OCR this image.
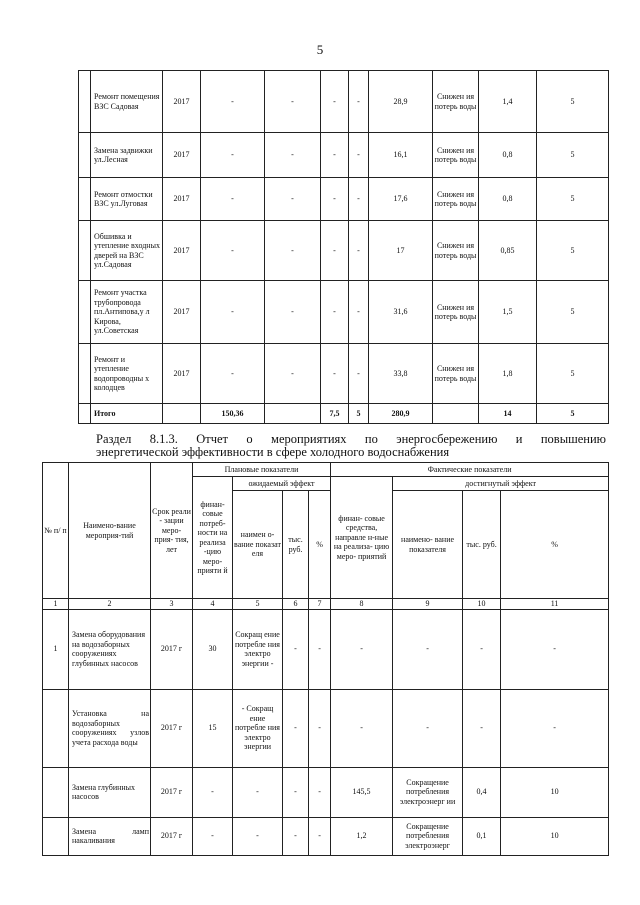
5
	Ремонт помещения ВЗС Садовая	2017	-	-	-	-	28,9	Снижен ия потерь воды	1,4	5
	Замена задвижки ул.Лесная	2017	-	-	-	-	16,1	Снижен ия потерь воды	0,8	5
	Ремонт отмостки ВЗС ул.Луговая	2017	-	-	-	-	17,6	Снижен ия потерь воды	0,8	5
	Обшивка и утепление входных дверей на ВЗС ул.Садовая	2017	-	-	-	-	17	Снижен ия потерь воды	0,85	5
	Ремонт участка трубопровода пл.Антипова,у л Кирова, ул.Советская	2017	-	-	-	-	31,6	Снижен ия потерь воды	1,5	5
	Ремонт и утепление водопроводны х колодцев	2017	-	-	-	-	33,8	Снижен ия потерь воды	1,8	5
	Итого		150,36		7,5	5	280,9		14	5
Раздел 8.1.3. Отчет о мероприятиях по энергосбережению и повышению
энергетической эффективности в сфере холодного водоснабжения
№ п/ п	Наимено-вание мероприя-тий	Срок реали - зации меро- прия- тия, лет	Плановые показатели				Фактические показатели			
			финан- совые потреб- ности на реализа -цию меро- прияти й	ожидаемый эффект			финан- совые средства, направле н-ные на реализа- цию меро- приятий	достигнутый эффект		
				наимен о-вание показат еля	тыс. руб.	%		наимено- вание показателя	тыс. руб.	%

1	2	3	4	5	6	7	8	9	10	11
1	Замена оборудования на водозаборных сооружениях глубинных насосов	2017 г	30	Сокращ ение потребле ния электро энергии -	-	-	-	-	-	-
	Установка на водозаборных сооружениях узлов учета расхода воды	2017 г	15	- Сокращ ение потребле ния электро энергии	-	-	-	-	-	-
	Замена глубинных насосов	2017 г	-	-	-	-	145,5	Сокращение потребления электроэнерг ии	0,4	10
	Замена ламп накаливания	2017 г	-	-	-	-	1,2	Сокращение потребления электроэнерг	0,1	10
